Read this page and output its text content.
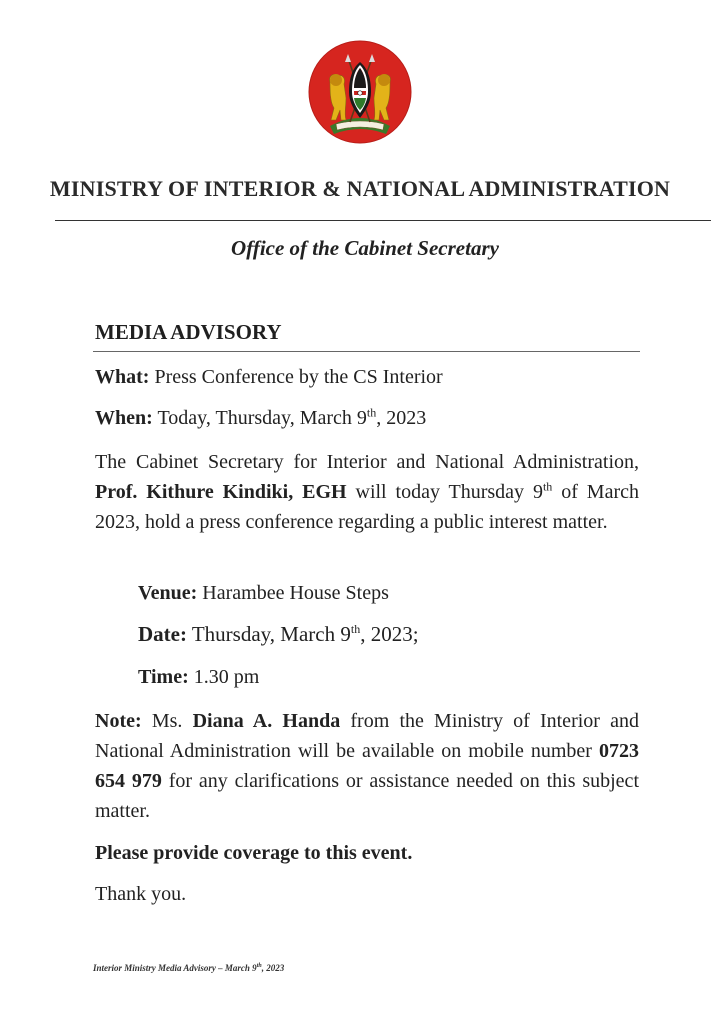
MINISTRY OF INTERIOR & NATIONAL ADMINISTRATION
Office of the Cabinet Secretary
MEDIA ADVISORY
What: Press Conference by the CS Interior
When: Today, Thursday, March 9th, 2023
The Cabinet Secretary for Interior and National Administration, Prof. Kithure Kindiki, EGH will today Thursday 9th of March 2023, hold a press conference regarding a public interest matter.
Venue: Harambee House Steps
Date: Thursday, March 9th, 2023;
Time: 1.30 pm
Note: Ms. Diana A. Handa from the Ministry of Interior and National Administration will be available on mobile number 0723 654 979 for any clarifications or assistance needed on this subject matter.
Please provide coverage to this event.
Thank you.
Interior Ministry Media Advisory – March 9th, 2023
